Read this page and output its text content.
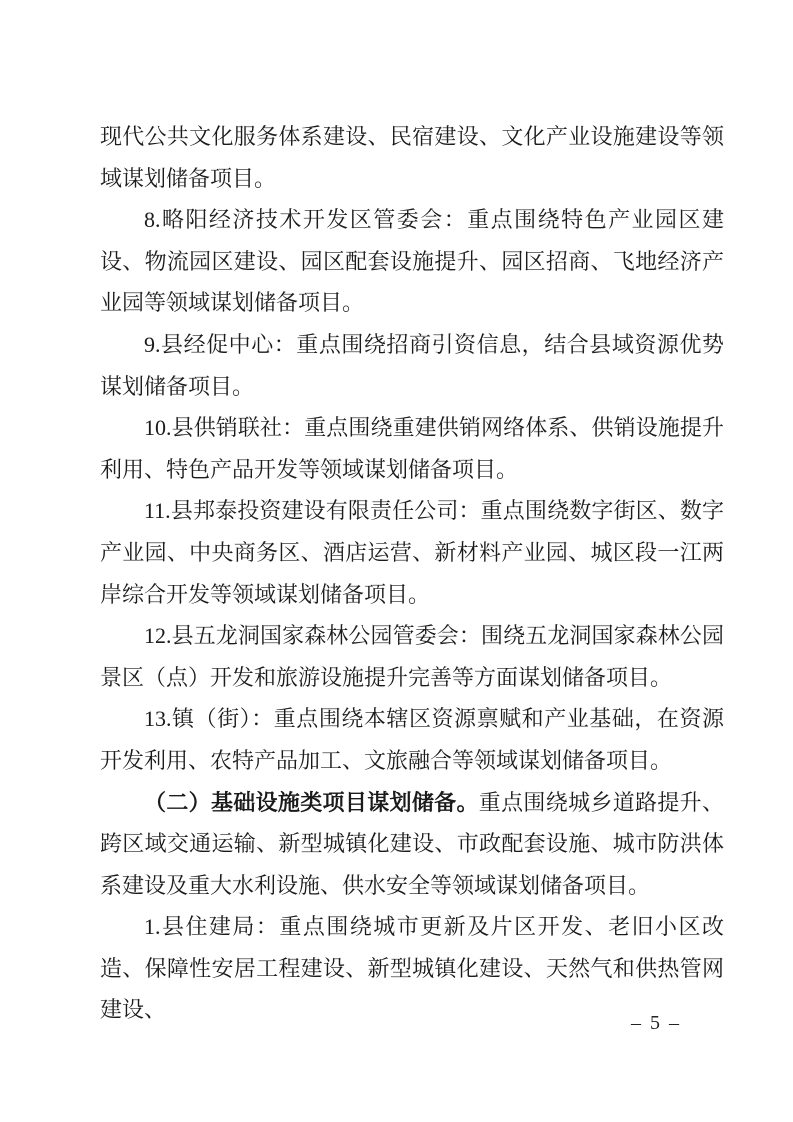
现代公共文化服务体系建设、民宿建设、文化产业设施建设等领域谋划储备项目。

8.略阳经济技术开发区管委会：重点围绕特色产业园区建设、物流园区建设、园区配套设施提升、园区招商、飞地经济产业园等领域谋划储备项目。

9.县经促中心：重点围绕招商引资信息，结合县域资源优势谋划储备项目。

10.县供销联社：重点围绕重建供销网络体系、供销设施提升利用、特色产品开发等领域谋划储备项目。

11.县邦泰投资建设有限责任公司：重点围绕数字街区、数字产业园、中央商务区、酒店运营、新材料产业园、城区段一江两岸综合开发等领域谋划储备项目。

12.县五龙洞国家森林公园管委会：围绕五龙洞国家森林公园景区（点）开发和旅游设施提升完善等方面谋划储备项目。

13.镇（街）：重点围绕本辖区资源禀赋和产业基础，在资源开发利用、农特产品加工、文旅融合等领域谋划储备项目。

（二）基础设施类项目谋划储备。重点围绕城乡道路提升、跨区域交通运输、新型城镇化建设、市政配套设施、城市防洪体系建设及重大水利设施、供水安全等领域谋划储备项目。

1.县住建局：重点围绕城市更新及片区开发、老旧小区改造、保障性安居工程建设、新型城镇化建设、天然气和供热管网建设、

– 5 –
